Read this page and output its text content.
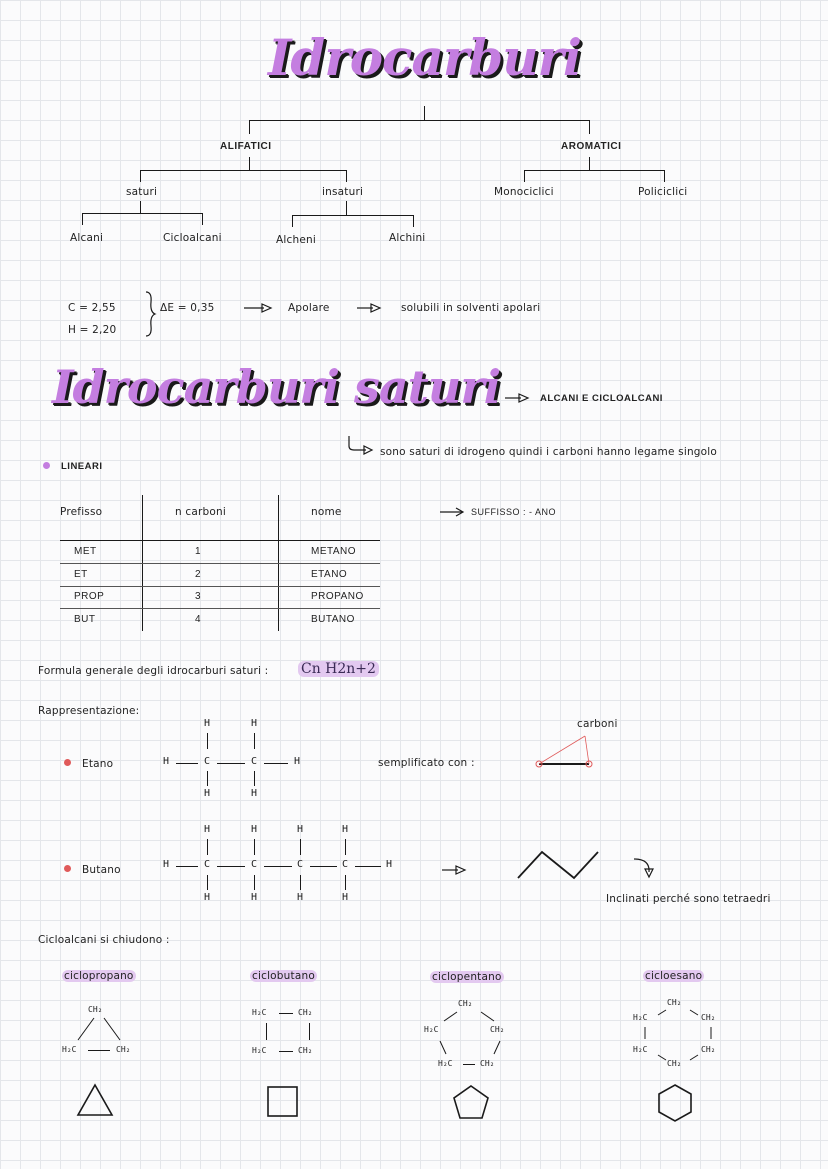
Idrocarburi
ALIFATICI	AROMATICI
saturi	insaturi	Monociclici	Policiclici
Alcani	Cicloalcani	Alcheni	Alchini
C = 2,55
H = 2,20
ΔE = 0,35	Apolare	solubili in solventi apolari
Idrocarburi saturi	ALCANI E CICLOALCANI
sono saturi di idrogeno quindi i carboni hanno legame singolo
LINEARI
Prefisso	n carboni	nome
MET	1	METANO
ET	2	ETANO
PROP	3	PROPANO
BUT	4	BUTANO
SUFFISSO : - ANO
Formula generale degli idrocarburi saturi : Cn H2n+2
Rappresentazione:
Etano
H	H
H	C	C	H
H	H
semplificato con :
carboni
Butano
H	H	H	H
H	C	C	C	C	H
H	H	H	H	Inclinati perché sono tetraedri
Cicloalcani si chiudono :
ciclopropano	ciclobutano	ciclopentano	cicloesano
CH₂
H₂C	CH₂
H₂C	CH₂
H₂C	CH₂
CH₂
H₂C	CH₂
H₂C	CH₂
CH₂
H₂C	CH₂
H₂C	CH₂
CH₂
